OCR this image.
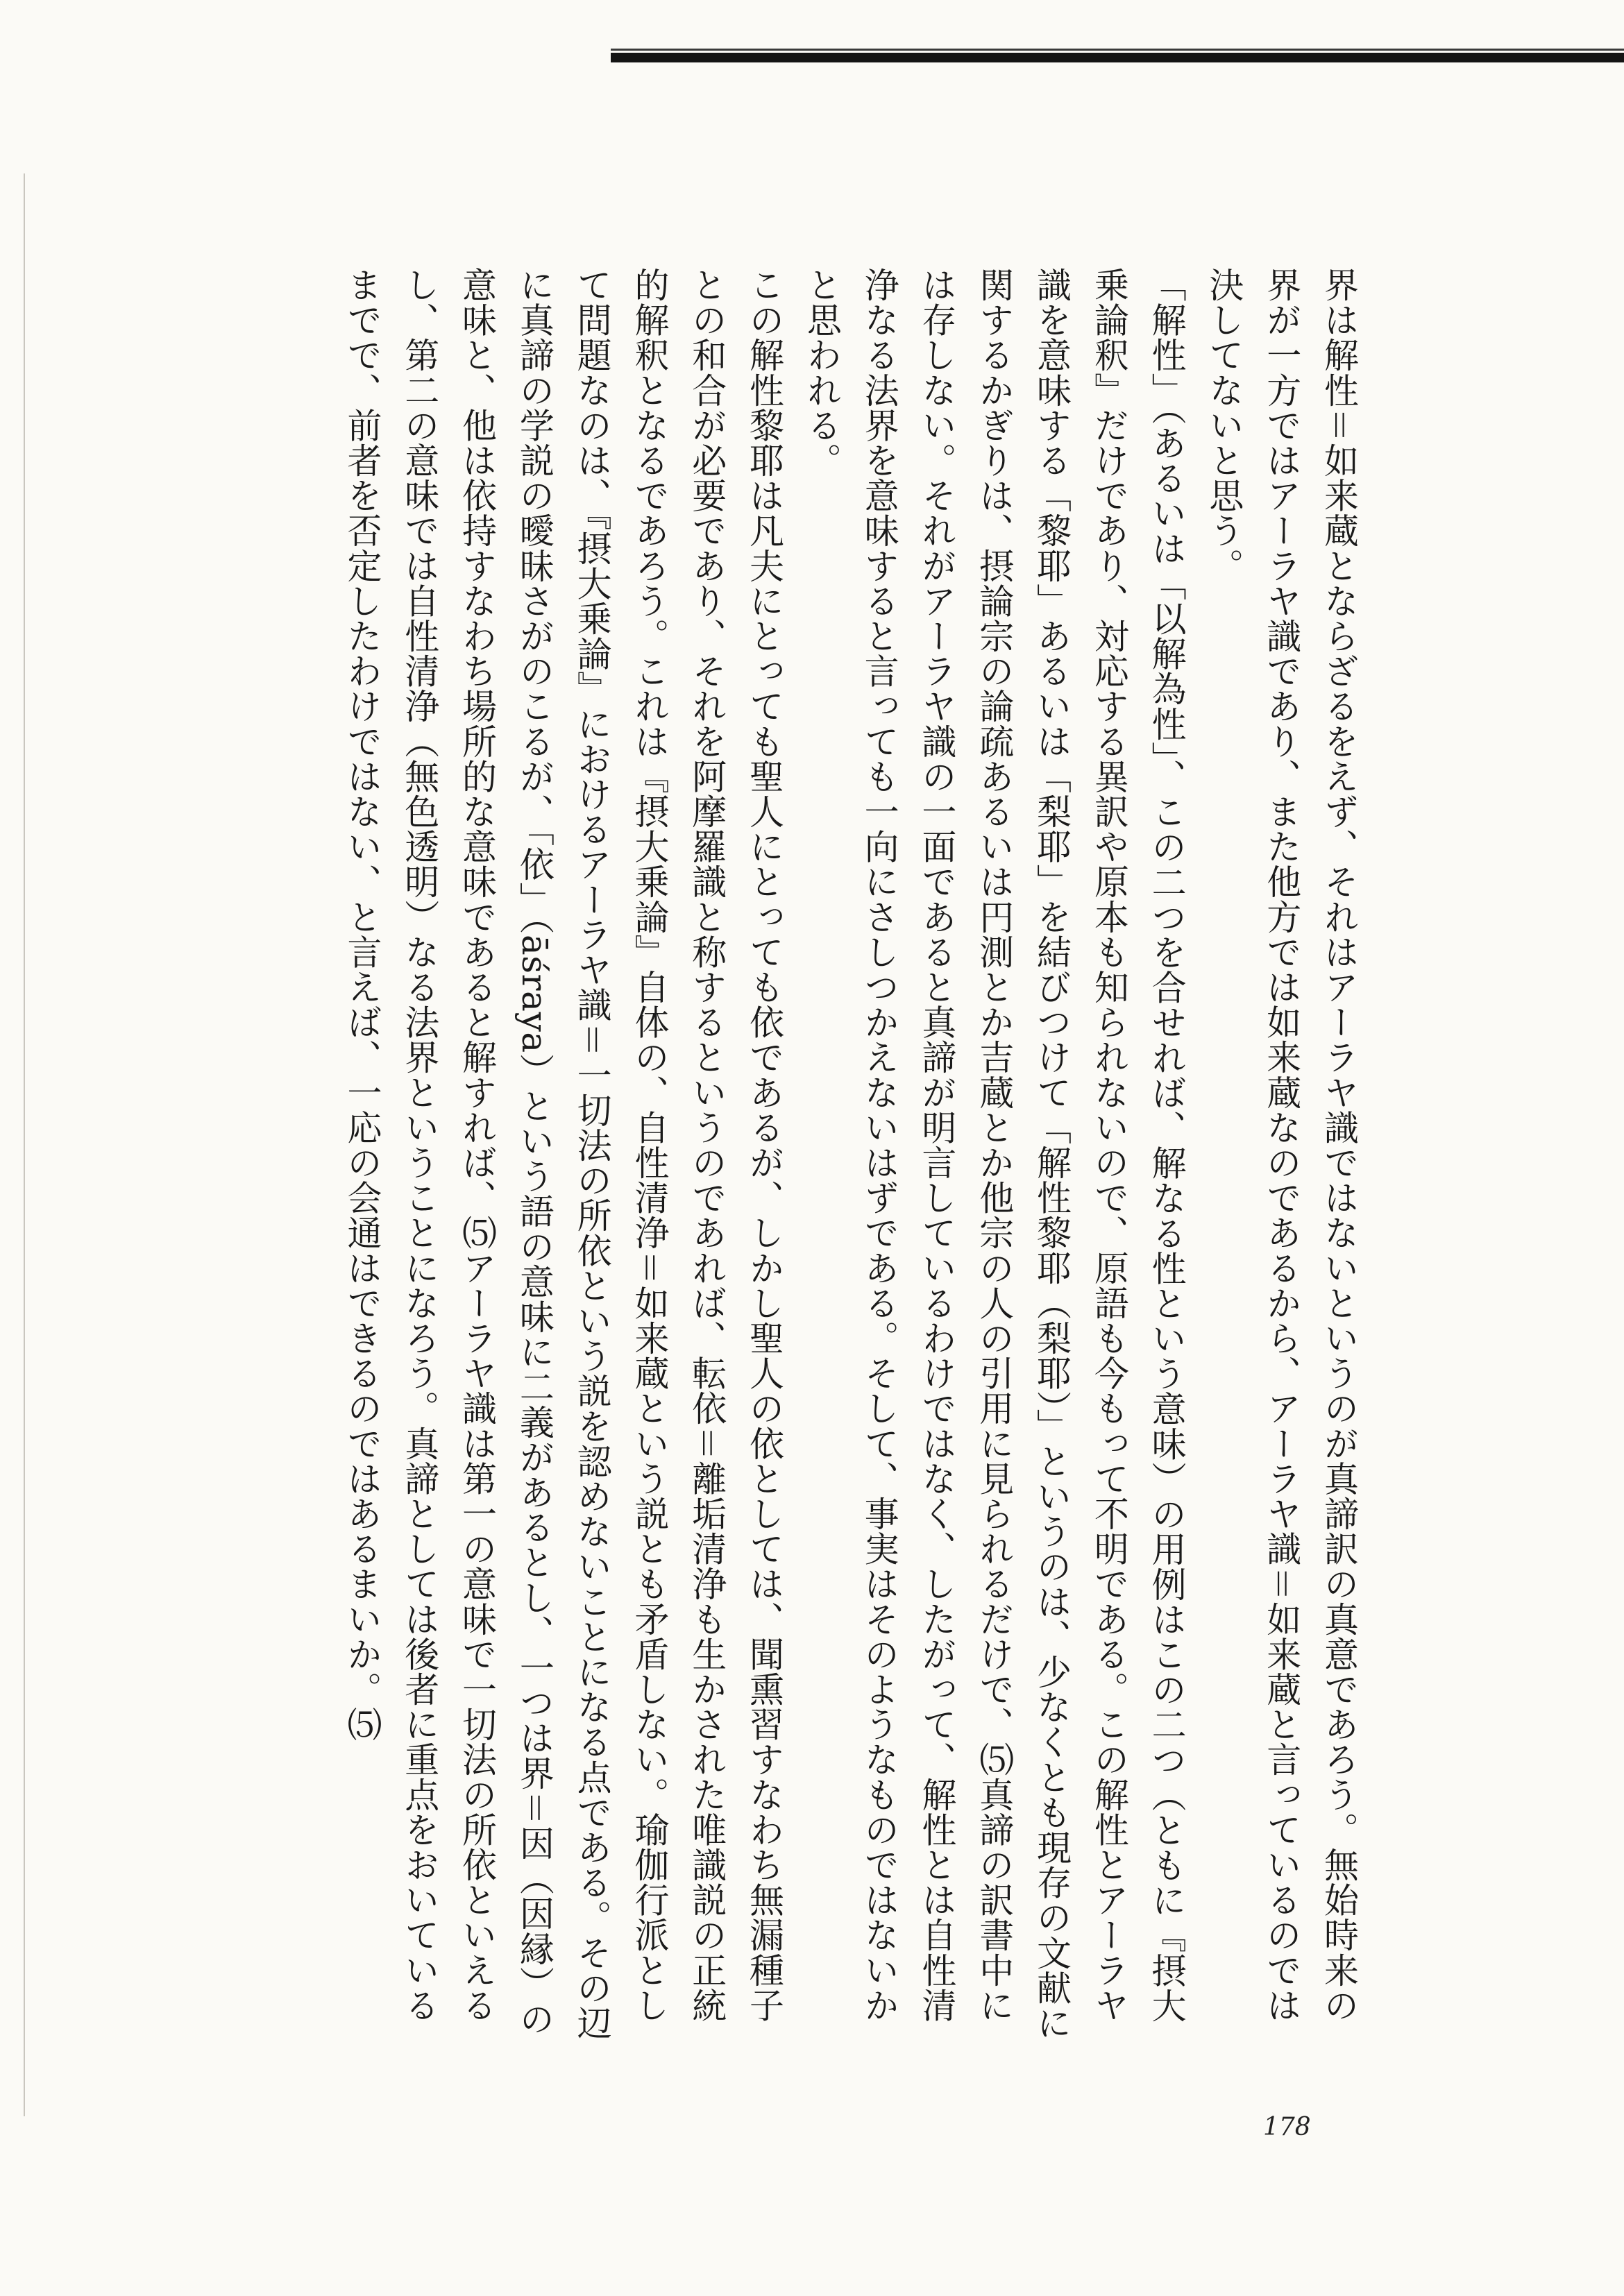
界は解性＝如来蔵とならざるをえず、それはアーラヤ識ではないというのが真諦訳の真意であろう。無始時来の界が一方ではアーラヤ識であり、また他方では如来蔵なのであるから、アーラヤ識＝如来蔵と言っているのでは決してないと思う。

「解性」（あるいは「以解為性」、この二つを合せれば、解なる性という意味）の用例はこの二つ（ともに『摂大乗論釈』だけであり、対応する異訳や原本も知られないので、原語も今もって不明である。この解性とアーラヤ識を意味する「黎耶」あるいは「梨耶」を結びつけて「解性黎耶（梨耶）」というのは、少なくとも現存の文献に関するかぎりは、摂論宗の論疏あるいは円測とか吉蔵とか他宗の人の引用に見られるだけで、⑸真諦の訳書中には存しない。それがアーラヤ識の一面であると真諦が明言しているわけではなく、したがって、解性とは自性清浄なる法界を意味すると言っても一向にさしつかえないはずである。そして、事実はそのようなものではないかと思われる。

この解性黎耶は凡夫にとっても聖人にとっても依であるが、しかし聖人の依としては、聞熏習すなわち無漏種子との和合が必要であり、それを阿摩羅識と称するというのであれば、転依＝離垢清浄も生かされた唯識説の正統的解釈となるであろう。これは『摂大乗論』自体の、自性清浄＝如来蔵という説とも矛盾しない。瑜伽行派として問題なのは、『摂大乗論』におけるアーラヤ識＝一切法の所依という説を認めないことになる点である。その辺に真諦の学説の曖昧さがのこるが、「依」（āśraya）という語の意味に二義があるとし、一つは界＝因（因縁）の意味と、他は依持すなわち場所的な意味であると解すれば、⑸アーラヤ識は第一の意味で一切法の所依といえるし、第二の意味では自性清浄（無色透明）なる法界ということになろう。真諦としては後者に重点をおいているまでで、前者を否定したわけではない、と言えば、一応の会通はできるのではあるまいか。⑸

178
